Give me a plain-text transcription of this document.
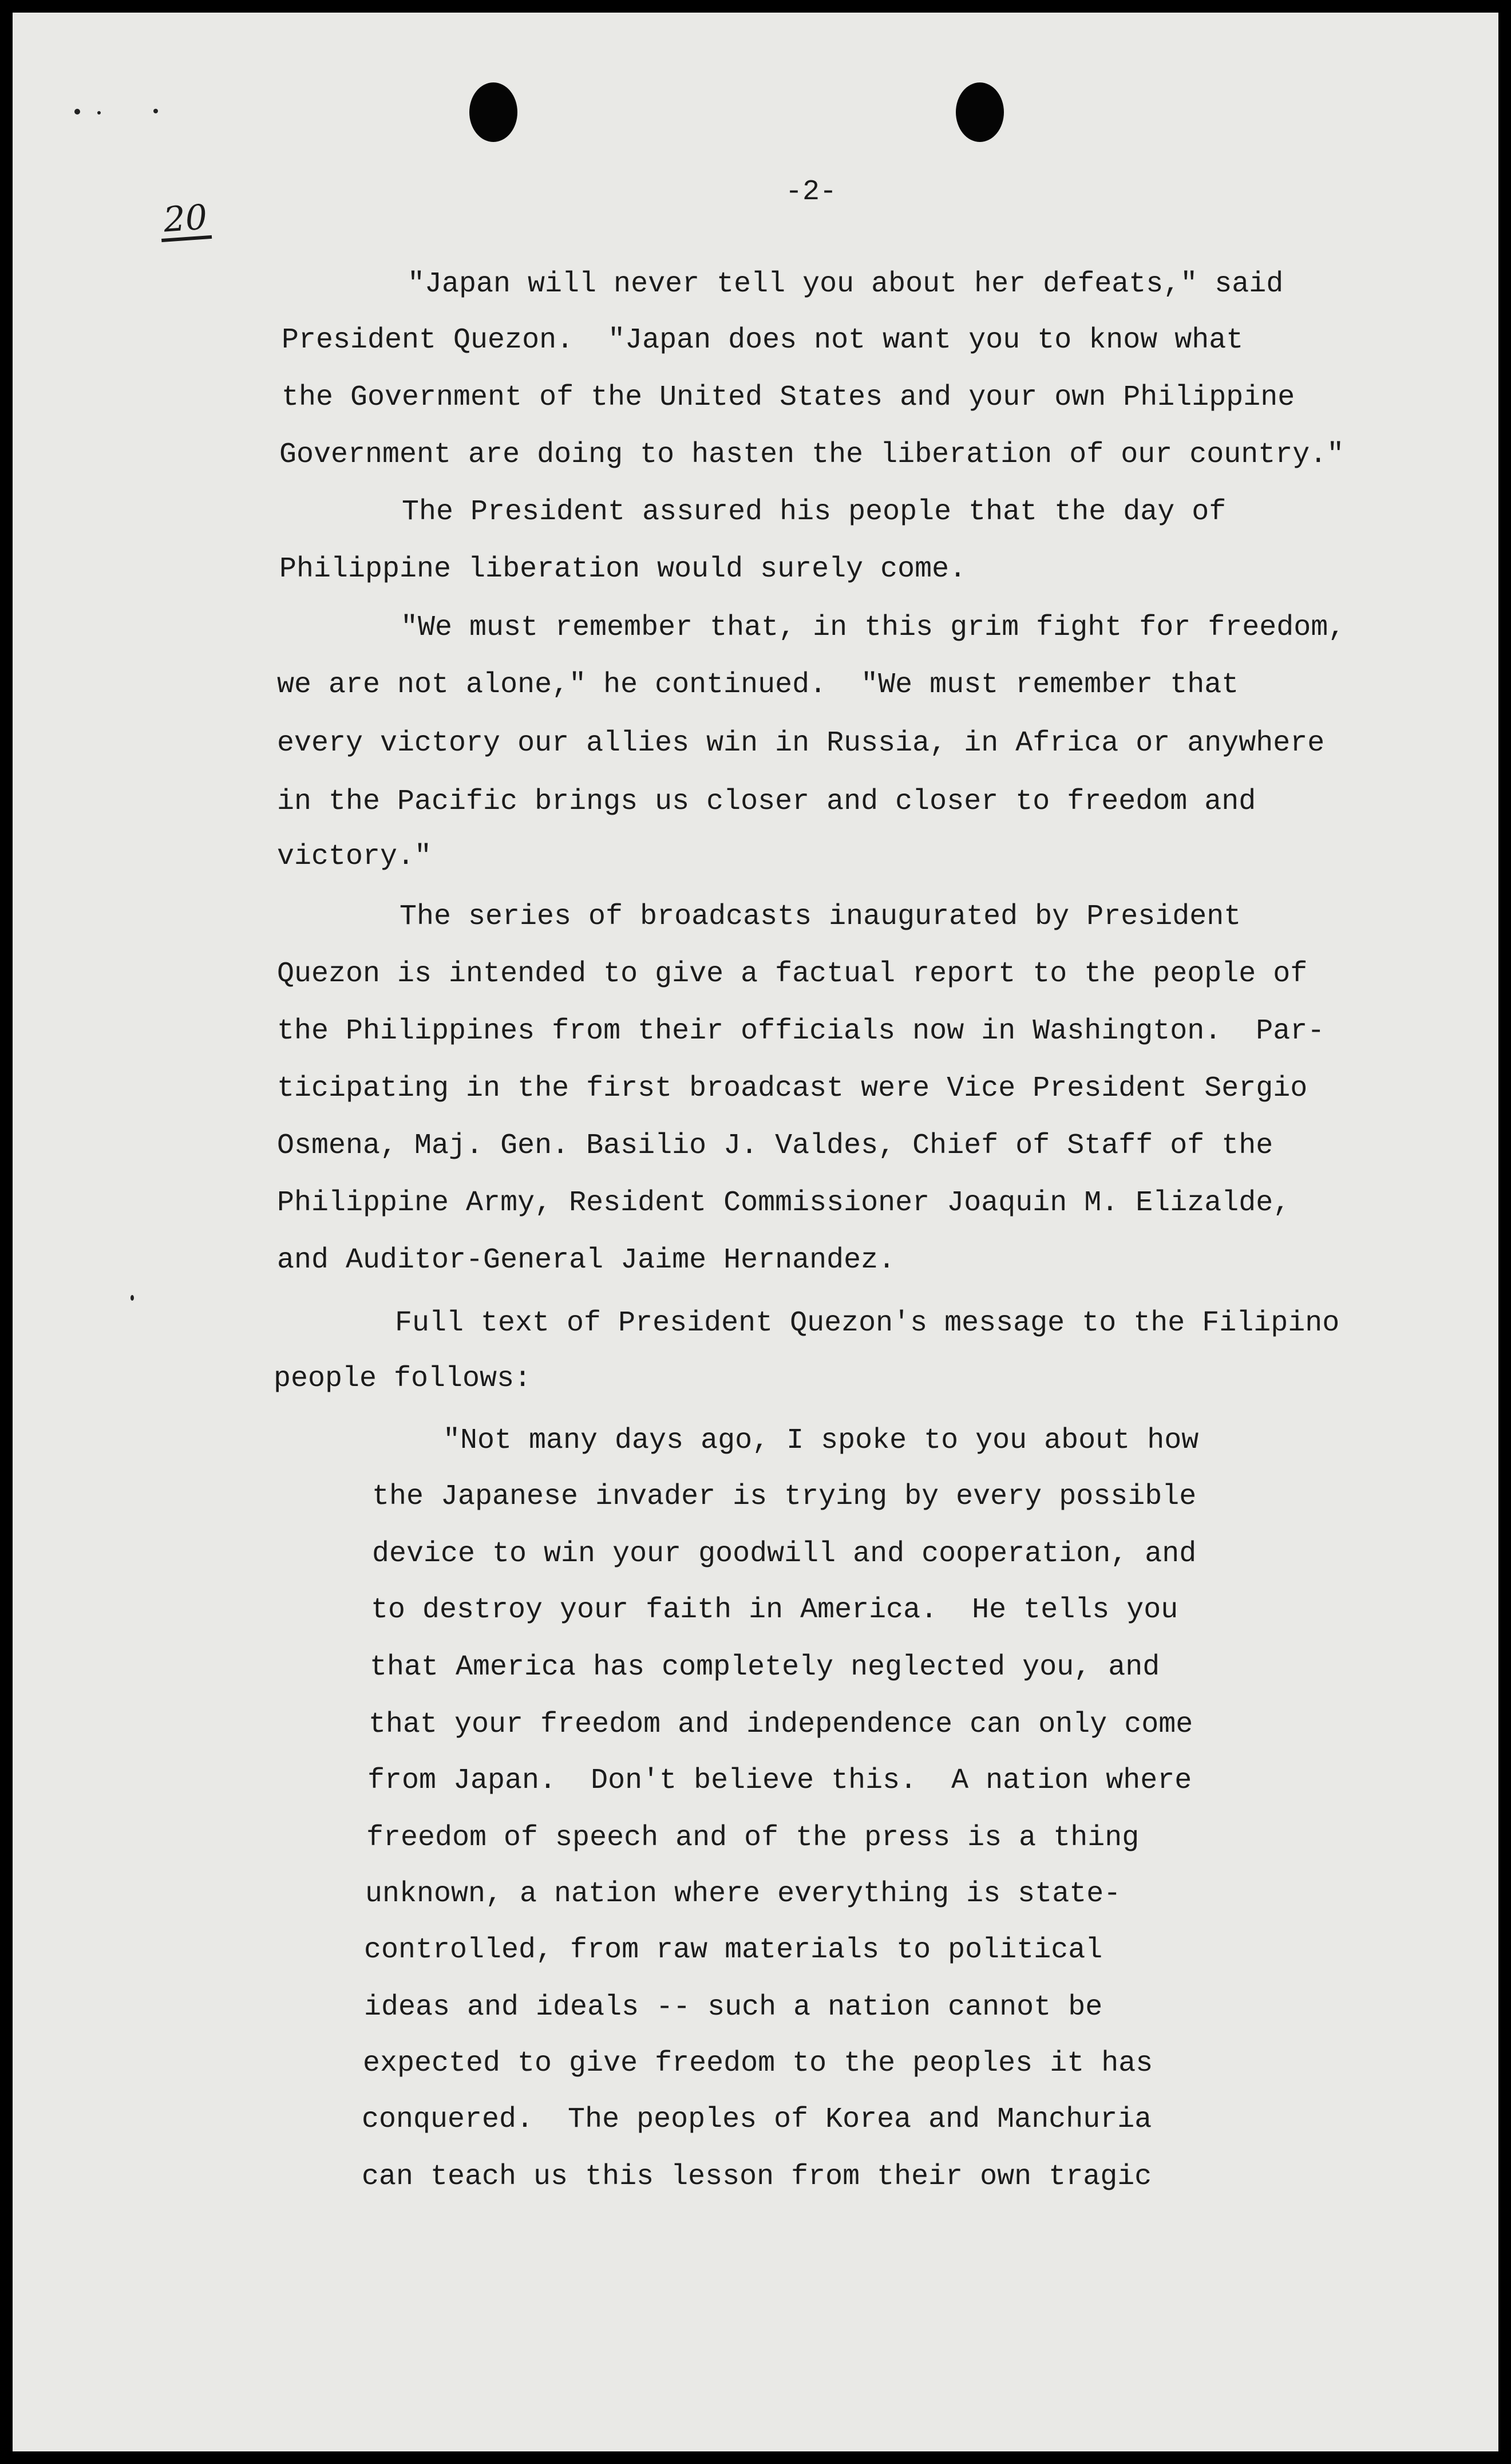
20
-2-
"Japan will never tell you about her defeats," said
President Quezon.  "Japan does not want you to know what
the Government of the United States and your own Philippine
Government are doing to hasten the liberation of our country."
The President assured his people that the day of
Philippine liberation would surely come.
"We must remember that, in this grim fight for freedom,
we are not alone," he continued.  "We must remember that
every victory our allies win in Russia, in Africa or anywhere
in the Pacific brings us closer and closer to freedom and
victory."
The series of broadcasts inaugurated by President
Quezon is intended to give a factual report to the people of
the Philippines from their officials now in Washington.  Par-
ticipating in the first broadcast were Vice President Sergio
Osmena, Maj. Gen. Basilio J. Valdes, Chief of Staff of the
Philippine Army, Resident Commissioner Joaquin M. Elizalde,
and Auditor-General Jaime Hernandez.
Full text of President Quezon's message to the Filipino
people follows:
"Not many days ago, I spoke to you about how
the Japanese invader is trying by every possible
device to win your goodwill and cooperation, and
to destroy your faith in America.  He tells you
that America has completely neglected you, and
that your freedom and independence can only come
from Japan.  Don't believe this.  A nation where
freedom of speech and of the press is a thing
unknown, a nation where everything is state-
controlled, from raw materials to political
ideas and ideals -- such a nation cannot be
expected to give freedom to the peoples it has
conquered.  The peoples of Korea and Manchuria
can teach us this lesson from their own tragic
